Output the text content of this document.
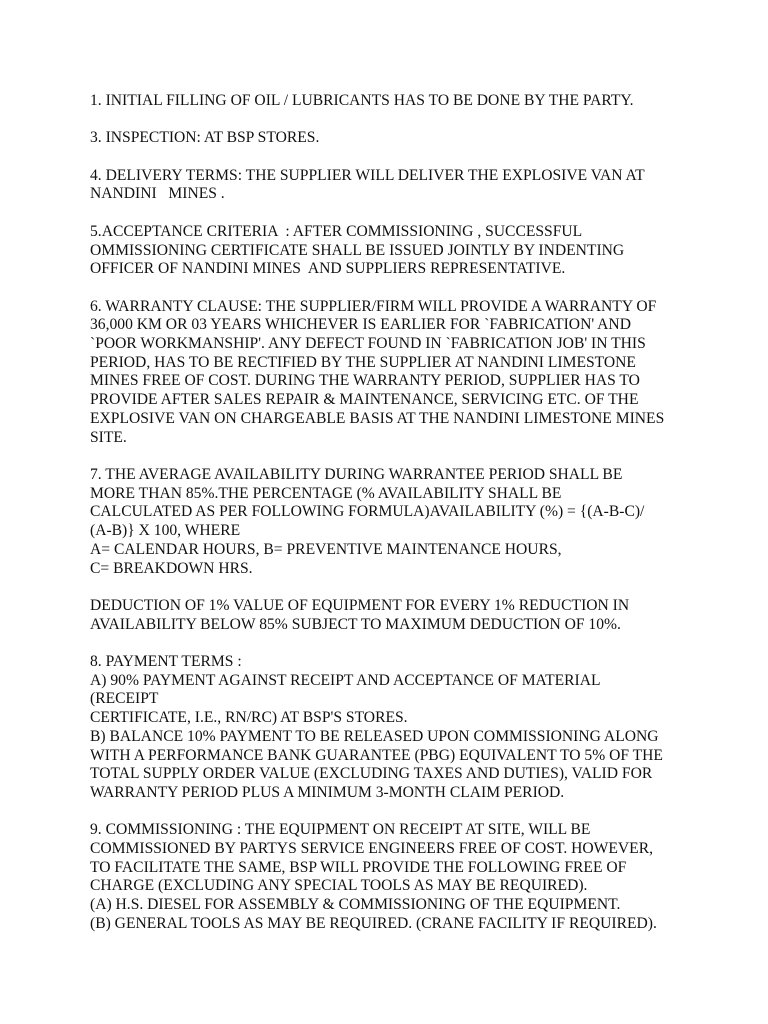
1. INITIAL FILLING OF OIL / LUBRICANTS HAS TO BE DONE BY THE PARTY.
3. INSPECTION: AT BSP STORES.
4. DELIVERY TERMS: THE SUPPLIER WILL DELIVER THE EXPLOSIVE VAN AT
NANDINI   MINES .
5.ACCEPTANCE CRITERIA  : AFTER COMMISSIONING , SUCCESSFUL
OMMISSIONING CERTIFICATE SHALL BE ISSUED JOINTLY BY INDENTING
OFFICER OF NANDINI MINES  AND SUPPLIERS REPRESENTATIVE.
6. WARRANTY CLAUSE: THE SUPPLIER/FIRM WILL PROVIDE A WARRANTY OF
36,000 KM OR 03 YEARS WHICHEVER IS EARLIER FOR `FABRICATION' AND
`POOR WORKMANSHIP'. ANY DEFECT FOUND IN `FABRICATION JOB' IN THIS
PERIOD, HAS TO BE RECTIFIED BY THE SUPPLIER AT NANDINI LIMESTONE
MINES FREE OF COST. DURING THE WARRANTY PERIOD, SUPPLIER HAS TO
PROVIDE AFTER SALES REPAIR & MAINTENANCE, SERVICING ETC. OF THE
EXPLOSIVE VAN ON CHARGEABLE BASIS AT THE NANDINI LIMESTONE MINES
SITE.
7. THE AVERAGE AVAILABILITY DURING WARRANTEE PERIOD SHALL BE
MORE THAN 85%.THE PERCENTAGE (% AVAILABILITY SHALL BE
CALCULATED AS PER FOLLOWING FORMULA)AVAILABILITY (%) = {(A-B-C)/
(A-B)} X 100, WHERE
A= CALENDAR HOURS, B= PREVENTIVE MAINTENANCE HOURS,
C= BREAKDOWN HRS.
DEDUCTION OF 1% VALUE OF EQUIPMENT FOR EVERY 1% REDUCTION IN
AVAILABILITY BELOW 85% SUBJECT TO MAXIMUM DEDUCTION OF 10%.
8. PAYMENT TERMS :
A) 90% PAYMENT AGAINST RECEIPT AND ACCEPTANCE OF MATERIAL
(RECEIPT
CERTIFICATE, I.E., RN/RC) AT BSP'S STORES.
B) BALANCE 10% PAYMENT TO BE RELEASED UPON COMMISSIONING ALONG
WITH A PERFORMANCE BANK GUARANTEE (PBG) EQUIVALENT TO 5% OF THE
TOTAL SUPPLY ORDER VALUE (EXCLUDING TAXES AND DUTIES), VALID FOR
WARRANTY PERIOD PLUS A MINIMUM 3-MONTH CLAIM PERIOD.
9. COMMISSIONING : THE EQUIPMENT ON RECEIPT AT SITE, WILL BE
COMMISSIONED BY PARTYS SERVICE ENGINEERS FREE OF COST. HOWEVER,
TO FACILITATE THE SAME, BSP WILL PROVIDE THE FOLLOWING FREE OF
CHARGE (EXCLUDING ANY SPECIAL TOOLS AS MAY BE REQUIRED).
(A) H.S. DIESEL FOR ASSEMBLY & COMMISSIONING OF THE EQUIPMENT.
(B) GENERAL TOOLS AS MAY BE REQUIRED. (CRANE FACILITY IF REQUIRED).
